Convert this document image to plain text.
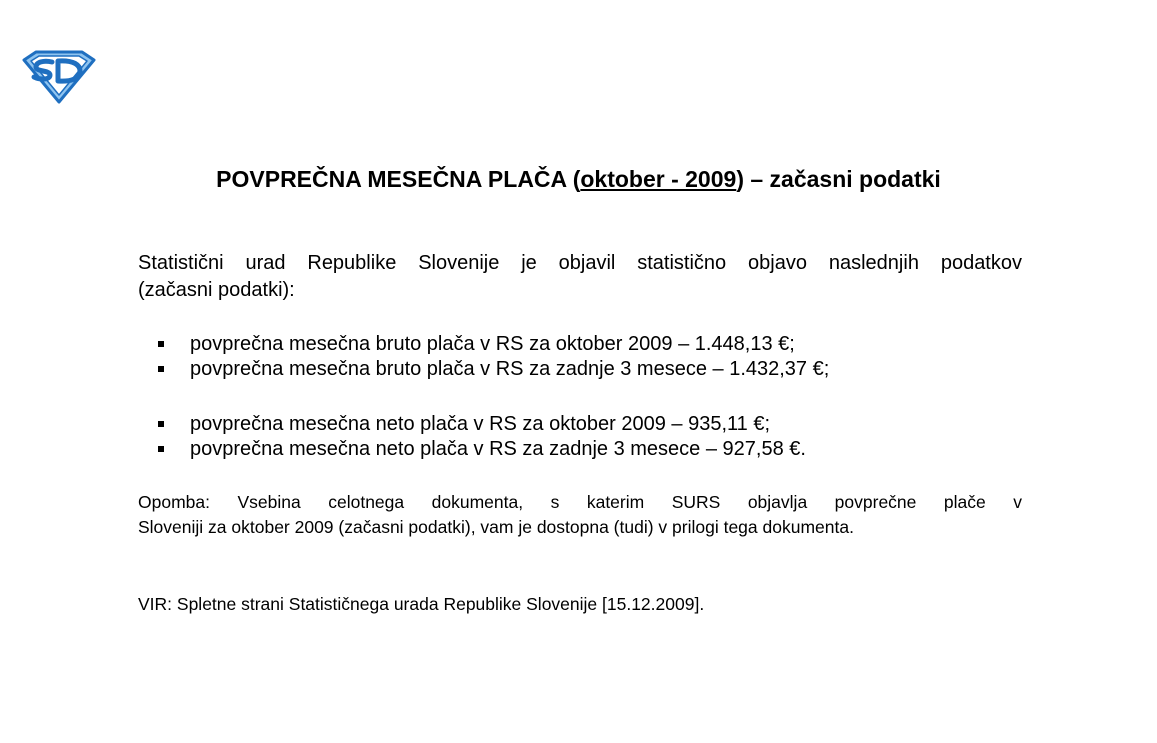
POVPREČNA MESEČNA PLAČA (oktober - 2009) – začasni podatki
Statistični urad Republike Slovenije je objavil statistično objavo naslednjih podatkov
(začasni podatki):
povprečna mesečna bruto plača v RS za oktober 2009 – 1.448,13 €;
povprečna mesečna bruto plača v RS za zadnje 3 mesece – 1.432,37 €;
povprečna mesečna neto plača v RS za oktober 2009 – 935,11 €;
povprečna mesečna neto plača v RS za zadnje 3 mesece – 927,58 €.
Opomba: Vsebina celotnega dokumenta, s katerim SURS objavlja povprečne plače v
Sloveniji za oktober 2009 (začasni podatki), vam je dostopna (tudi) v prilogi tega dokumenta.
VIR: Spletne strani Statističnega urada Republike Slovenije [15.12.2009].
